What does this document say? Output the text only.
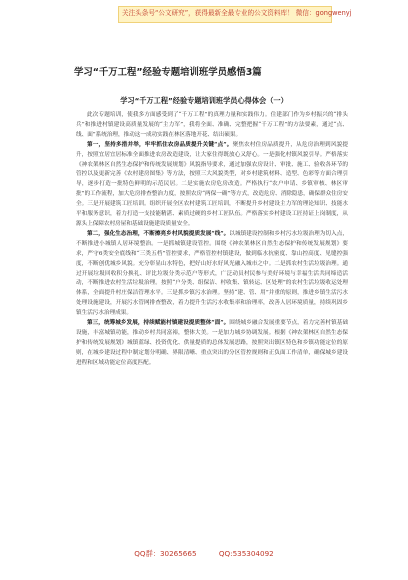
关注头条号“公文研究”，获得最新全最专业的公文资料库！ 微信：gongwenyj
学习“千万工程”经验专题培训班学员感悟3篇
学习“千万工程”经验专题培训班学员心得体会（一）

此次专题培训，使我多方面感受到了“千万工程”的真理力量和实践伟力。住建部门作为乡村振兴的“排头兵”和推进村镇建设高质量发展的“主力军”，我将全面、准确、完整把握“千万工程”的方法要素，通过“点、线、面”系统治理，推动这一成功实践在林区落地开花、结出硕果。

第一，坚持多措并举，牢牢抓住农房品质提升关键“点”。聚焦农村住房品质提升，从危房治理到风貌提升，按照宜居宜居标准全面推进农房改造建设，让大家住得既放心又舒心。一是强化村镇风貌引导。严格落实《神农架林区自然生态保护和传统发展规划》风貌指导要求，通过加强农房设计、审批、施工、验收各环节的管控以及更新完善《农村建房图集》等方法，按照三大风貌类型，对乡村建筑材料、造型、色彩等方面合理引导，逐步打造一批特色鲜明的示范民居。二是实施农房危房改造。严格执行“农户申请、乡镇审核、林区审批”的工作流程，加大危房排查整治力度，按照农房“两保一确”等方式，改造危房、消除隐患，确保群众住房安全。三是开展建筑工匠培训。组织开展全区农村建筑工匠培训，不断提升乡村建设主力军的理论知识、技能水平和服务意识，着力打造一支技能精湛、素质过硬的乡村工匠队伍。严格落实乡村建设工匠持证上岗制度，从源头上保障农村房屋和基础设施建设质量安全。

第二，强化生态治理，不断擦亮乡村风貌提质发展“线”。以城镇建设控制和乡村污水垃圾治理为切入点，不断推进小城镇人居环境整治。一是抓城镇建设管控。围绕《神农架林区自然生态保护和传统发展规划》要求，严守6类安全底线和“三类五档”管控要求，严格管控村镇建设，做到临水抗密度、靠山控高度、见缝控强度，不断创优城乡风貌。充分彰显山水特色，把好山好水好风光融入城市之中。二是抓农村生活垃圾治理。通过开展垃圾回收积分换礼、评比垃圾分类示范户等形式，广泛动员村民参与美好环境与幸福生活共同缔造活动，不断推进农村生活垃圾治理。按照“户分类、组保洁、村收集、镇转运、区处理”的农村生活垃圾收运处理体系，全面提升村庄保洁管理水平。三是抓乡镇污水治理。坚持“建、管、用”并重的原则，推进乡镇生活污水处理设施建设，开展污水管网排查整改，着力提升生活污水收集率和治理率，改善人居环境质量，持续巩固乡镇生活污水治理成果。

第三，统筹城乡发展，持续赋能村镇建设提质整体“面”。围绕城乡融合发展重要节点，着力完善村镇基础设施，丰富城镇功能，推动乡村共同富裕，整体大美。一是加力城乡协调发展。根据《神农架林区自然生态保护和传统发展规划》城镇蓝绿、投资优化、供量提质的总体发展思路，按照突出镇区特色和乡镇功能定位的原则，在城乡建设过程中制定划分明确、界限清晰、重点突出的分区管控规则和正负面工作清单，确保城乡建设进程和区域功能定位高度匹配。

QQ群：30265665	QQ:535304092
